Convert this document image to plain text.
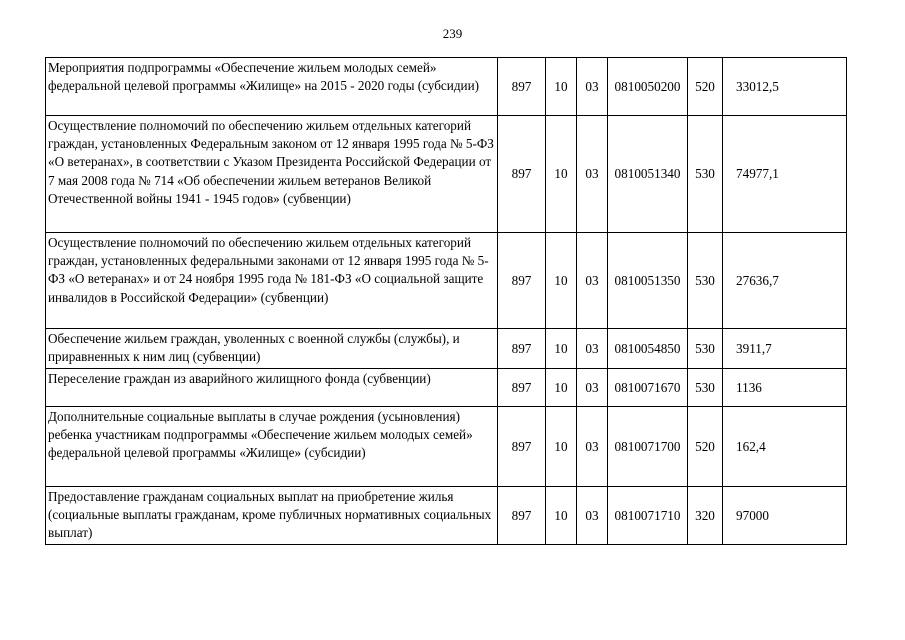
239
Мероприятия подпрограммы «Обеспечение жильем молодых семей» федеральной целевой программы «Жилище» на 2015 - 2020 годы (субсидии)	897	10	03	0810050200	520	33012,5
Осуществление полномочий по обеспечению жильем отдельных категорий граждан, установленных Федеральным законом от 12 января 1995 года № 5-ФЗ «О ветеранах», в соответствии с Указом Президента Российской Федерации от 7 мая 2008 года № 714 «Об обеспечении жильем ветеранов Великой Отечественной войны 1941 - 1945 годов» (субвенции)	897	10	03	0810051340	530	74977,1
Осуществление полномочий по обеспечению жильем отдельных категорий граждан, установленных федеральными законами от 12 января 1995 года № 5-ФЗ «О ветеранах» и от 24 ноября 1995 года № 181-ФЗ «О социальной защите инвалидов в Российской Федерации» (субвенции)	897	10	03	0810051350	530	27636,7
Обеспечение жильем граждан, уволенных с военной службы (службы), и приравненных к ним лиц (субвенции)	897	10	03	0810054850	530	3911,7
Переселение граждан из аварийного жилищного фонда (субвенции)	897	10	03	0810071670	530	1136
Дополнительные социальные выплаты в случае рождения (усыновления) ребенка участникам подпрограммы «Обеспечение жильем молодых семей» федеральной целевой программы «Жилище» (субсидии)	897	10	03	0810071700	520	162,4
Предоставление гражданам социальных выплат на приобретение жилья (социальные выплаты гражданам, кроме публичных нормативных социальных выплат)	897	10	03	0810071710	320	97000
